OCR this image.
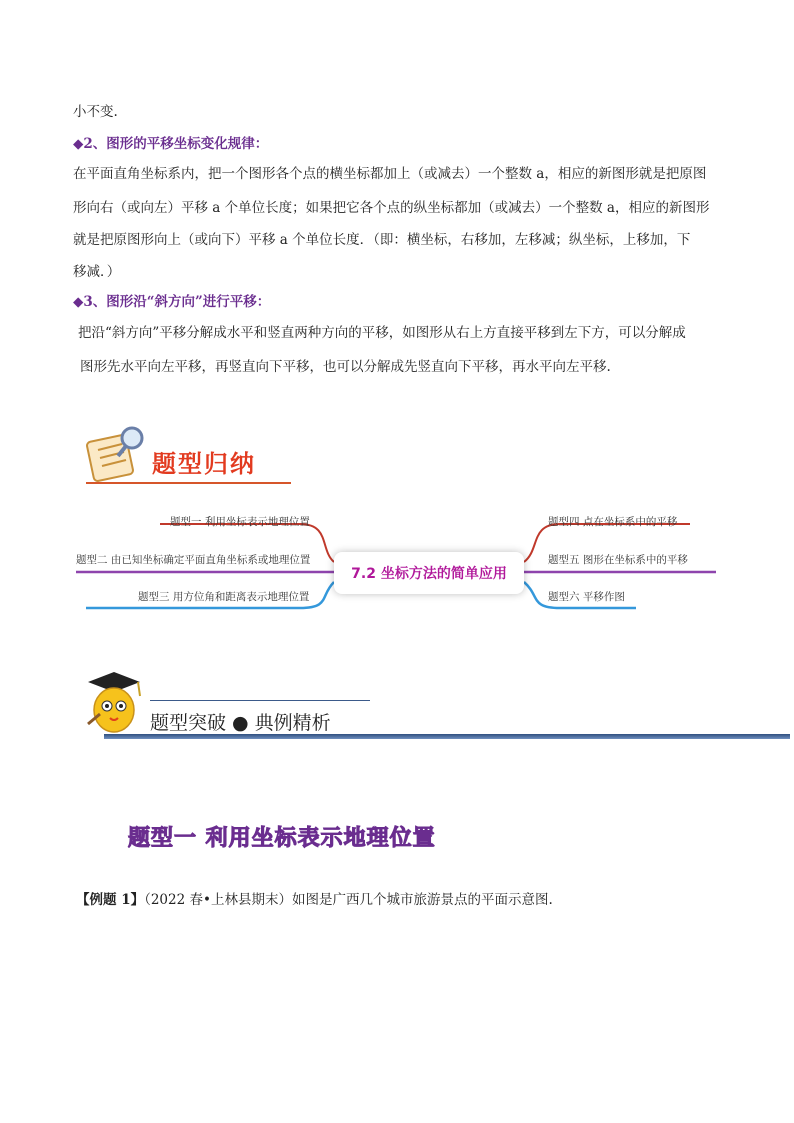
小不变.
◆2、图形的平移坐标变化规律：
在平面直角坐标系内，把一个图形各个点的横坐标都加上（或减去）一个整数 a，相应的新图形就是把原图
形向右（或向左）平移 a 个单位长度；如果把它各个点的纵坐标都加（或减去）一个整数 a，相应的新图形
就是把原图形向上（或向下）平移 a 个单位长度．（即：横坐标，右移加，左移减；纵坐标，上移加，下
移减．）
◆3、图形沿“斜方向”进行平移：
把沿“斜方向”平移分解成水平和竖直两种方向的平移，如图形从右上方直接平移到左下方，可以分解成
图形先水平向左平移，再竖直向下平移，也可以分解成先竖直向下平移，再水平向左平移.
题型归纳
题型一 利用坐标表示地理位置
题型二 由已知坐标确定平面直角坐标系或地理位置
题型三 用方位角和距离表示地理位置
题型四 点在坐标系中的平移
题型五 图形在坐标系中的平移
题型六 平移作图
7.2 坐标方法的简单应用
题型突破 ● 典例精析
题型一 利用坐标表示地理位置
【例题 1】（2022 春•上林县期末）如图是广西几个城市旅游景点的平面示意图.
